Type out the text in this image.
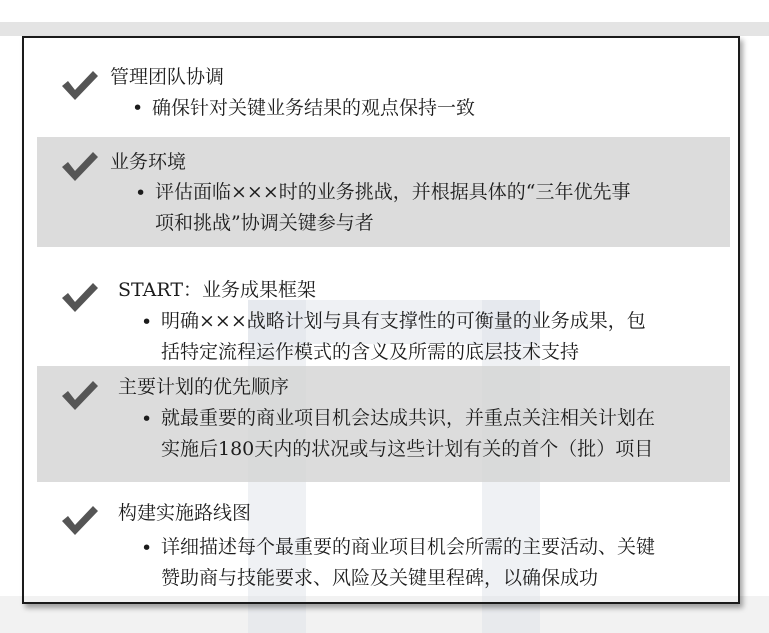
管理团队协调
• 确保针对关键业务结果的观点保持一致
业务环境
• 评估面临×××时的业务挑战，并根据具体的“三年优先事
项和挑战”协调关键参与者
START：业务成果框架
• 明确×××战略计划与具有支撑性的可衡量的业务成果，包
括特定流程运作模式的含义及所需的底层技术支持
主要计划的优先顺序
• 就最重要的商业项目机会达成共识，并重点关注相关计划在
实施后180天内的状况或与这些计划有关的首个（批）项目
构建实施路线图
• 详细描述每个最重要的商业项目机会所需的主要活动、关键
赞助商与技能要求、风险及关键里程碑，以确保成功
